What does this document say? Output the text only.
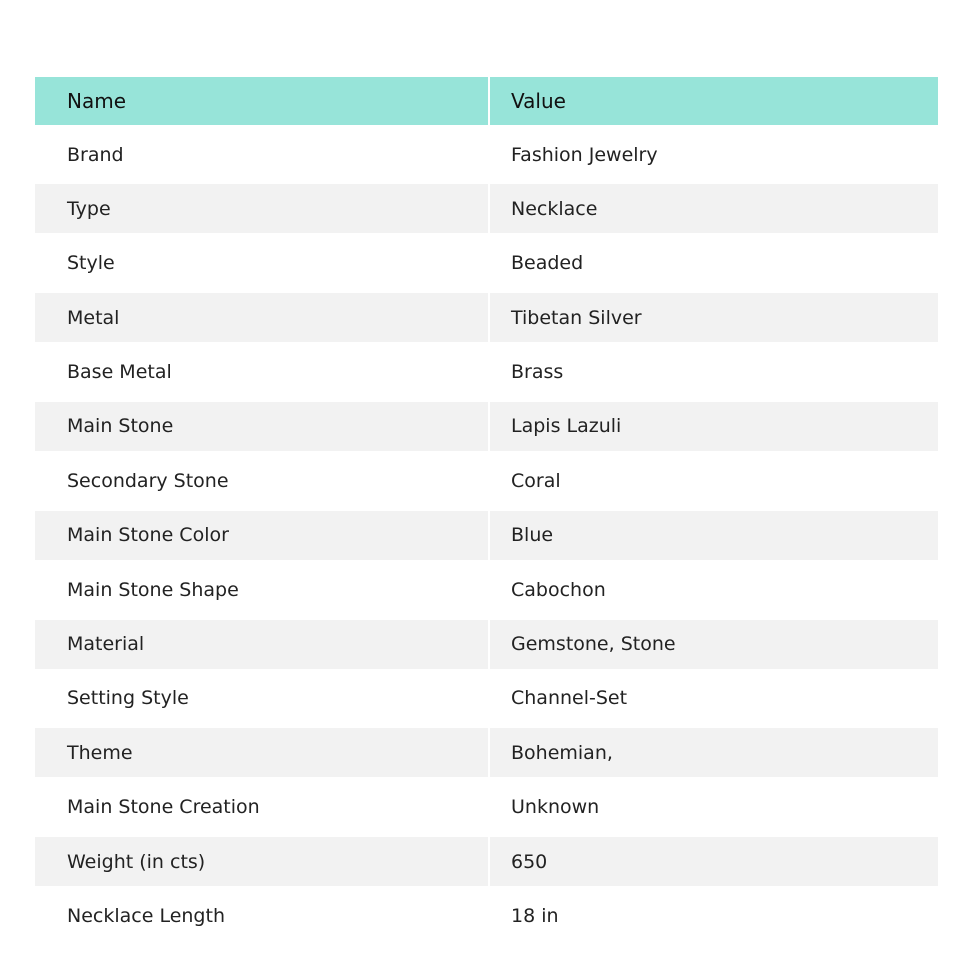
Name	Value
Brand	Fashion Jewelry
Type	Necklace
Style	Beaded
Metal	Tibetan Silver
Base Metal	Brass
Main Stone	Lapis Lazuli
Secondary Stone	Coral
Main Stone Color	Blue
Main Stone Shape	Cabochon
Material	Gemstone, Stone
Setting Style	Channel-Set
Theme	Bohemian,
Main Stone Creation	Unknown
Weight (in cts)	650
Necklace Length	18 in
